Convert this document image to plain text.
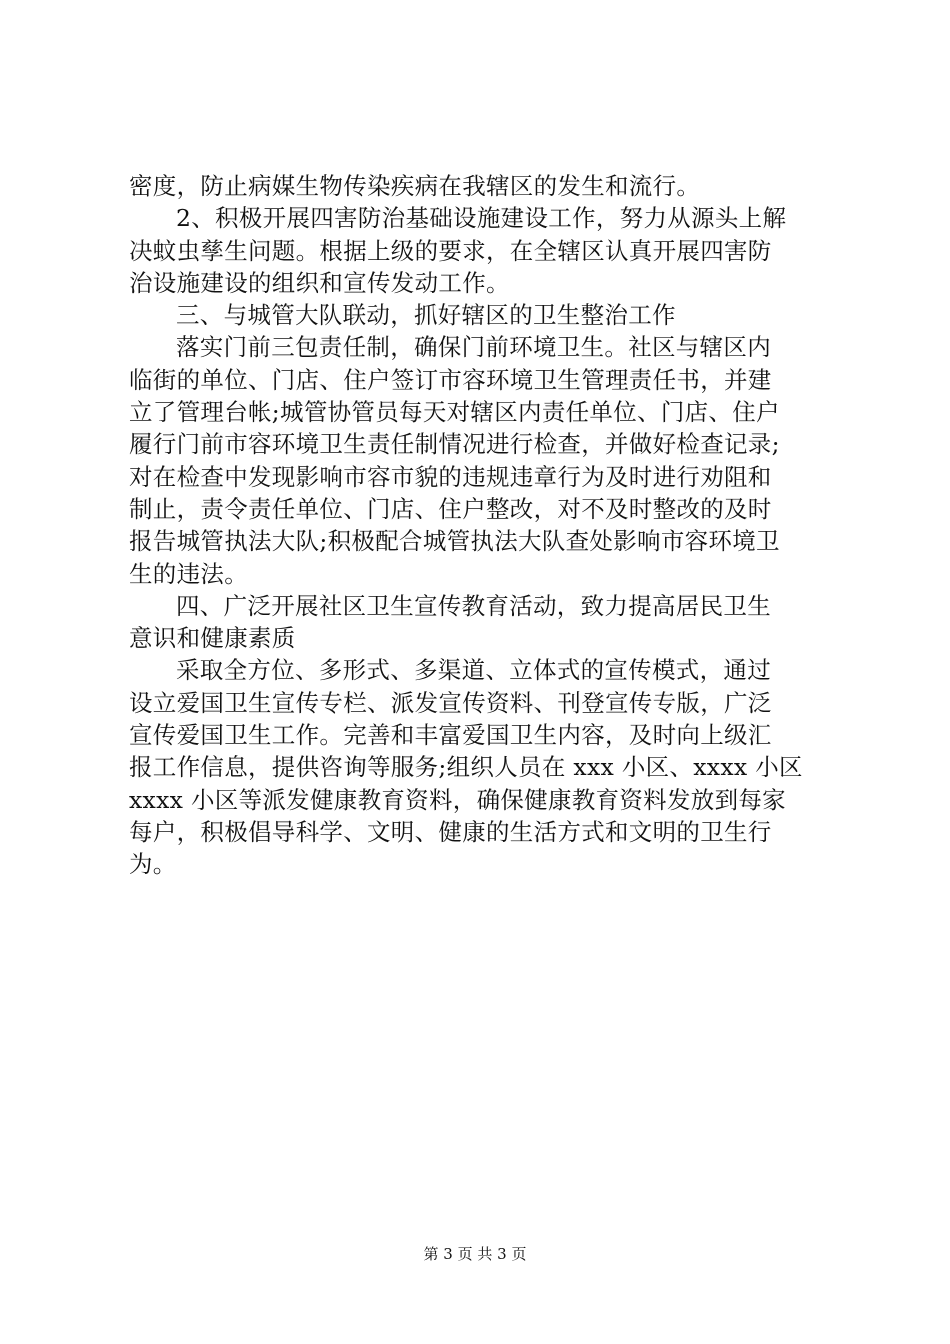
密度，防止病媒生物传染疾病在我辖区的发生和流行。
2、积极开展四害防治基础设施建设工作，努力从源头上解
决蚊虫孳生问题。根据上级的要求，在全辖区认真开展四害防
治设施建设的组织和宣传发动工作。
三、与城管大队联动，抓好辖区的卫生整治工作
落实门前三包责任制，确保门前环境卫生。社区与辖区内
临街的单位、门店、住户签订市容环境卫生管理责任书，并建
立了管理台帐;城管协管员每天对辖区内责任单位、门店、住户
履行门前市容环境卫生责任制情况进行检查，并做好检查记录;
对在检查中发现影响市容市貌的违规违章行为及时进行劝阻和
制止，责令责任单位、门店、住户整改，对不及时整改的及时
报告城管执法大队;积极配合城管执法大队查处影响市容环境卫
生的违法。
四、广泛开展社区卫生宣传教育活动，致力提高居民卫生
意识和健康素质
采取全方位、多形式、多渠道、立体式的宣传模式，通过
设立爱国卫生宣传专栏、派发宣传资料、刊登宣传专版，广泛
宣传爱国卫生工作。完善和丰富爱国卫生内容，及时向上级汇
报工作信息，提供咨询等服务;组织人员在 xxx 小区、xxxx 小区
xxxx 小区等派发健康教育资料，确保健康教育资料发放到每家
每户，积极倡导科学、文明、健康的生活方式和文明的卫生行
为。
第 3 页 共 3 页
